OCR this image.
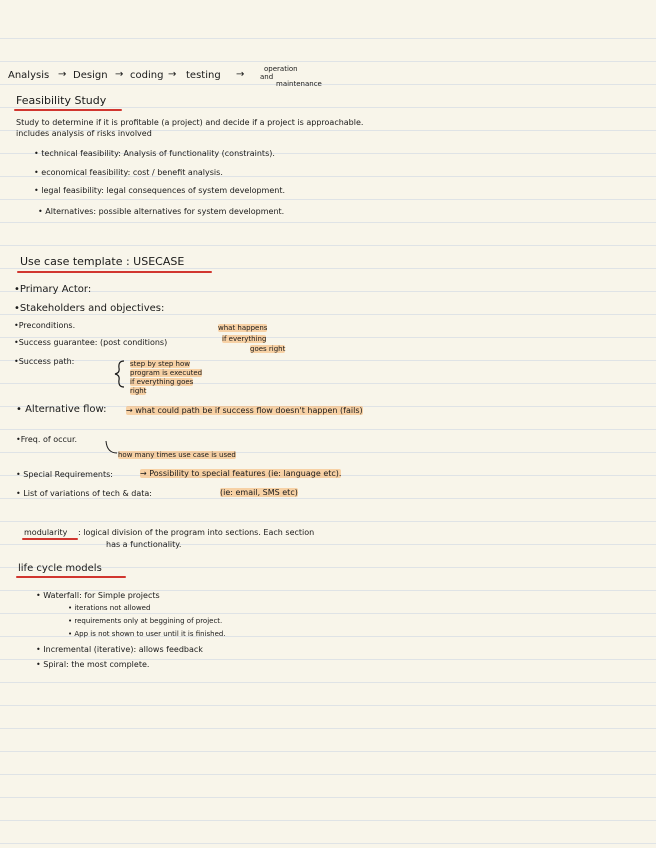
Analysis → Design → coding → testing →	operation
and
maintenance
Feasibility Study
Study to determine if it is profitable (a project) and decide if a project is approachable.
includes analysis of risks involved
• technical feasibility: Analysis of functionality (constraints).
• economical feasibility: cost / benefit analysis.
• legal feasibility: legal consequences of system development.
• Alternatives: possible alternatives for system development.
Use case template : USECASE
•Primary Actor:
•Stakeholders and objectives:
•Preconditions.
•Success guarantee: (post conditions)
what happens
if everything
goes right
•Success path:	step by step how
program is executed
if everything goes
right
• Alternative flow: → what could path be if success flow doesn't happen (fails)
•Freq. of occur.
how many times use case is used
• Special Requirements:	→ Possibility to special features (ie: language etc).
• List of variations of tech & data:	(ie: email, SMS etc)
modularity : logical division of the program into sections. Each section
has a functionality.
life cycle models
• Waterfall: for Simple projects
• iterations not allowed
• requirements only at beggining of project.
• App is not shown to user until it is finished.
• Incremental (iterative): allows feedback
• Spiral: the most complete.
